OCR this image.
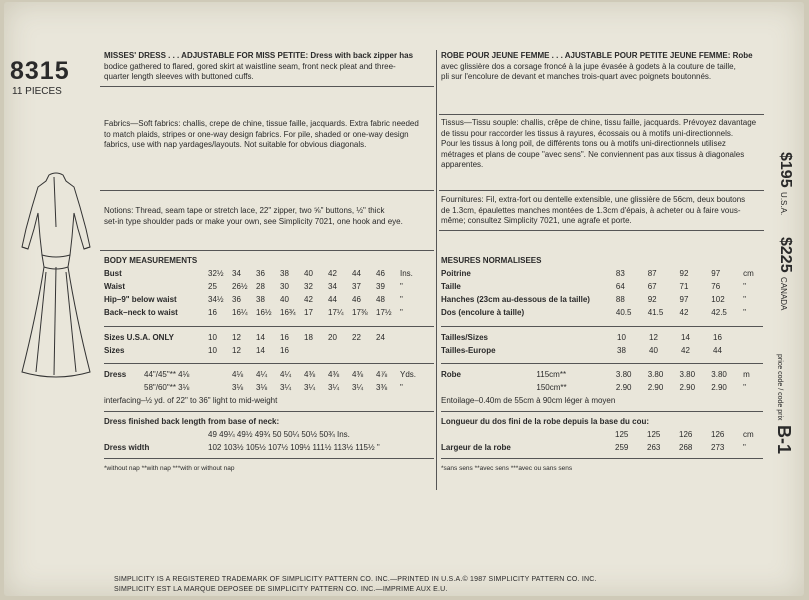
8315
11 PIECES
MISSES' DRESS . . . ADJUSTABLE FOR MISS PETITE: Dress with back zipper has
bodice gathered to flared, gored skirt at waistline seam, front neck pleat and three-
quarter length sleeves with buttoned cuffs.
Fabrics—Soft fabrics: challis, crepe de chine, tissue faille, jacquards. Extra fabric needed
to match plaids, stripes or one-way design fabrics. For pile, shaded or one-way design
fabrics, use with nap yardages/layouts. Not suitable for obvious diagonals.
Notions: Thread, seam tape or stretch lace, 22" zipper, two ⅝" buttons, ½" thick
set-in type shoulder pads or make your own, see Simplicity 7021, one hook and eye.
BODY MEASUREMENTS
Bust	32½	34	36	38	40	42	44	46	Ins.
Waist	25	26½	28	30	32	34	37	39	"
Hip–9" below waist	34½	36	38	40	42	44	46	48	"
Back–neck to waist	16	16¼	16½	16¾	17	17¼	17⅜	17½	"
Sizes U.S.A. ONLY	10 12 14 16 18 20 22 24
Sizes	10 12 14 16
Dress	44"/45"** 4⅛	4⅛	4¼	4¼	4⅜	4⅜	4⅜	4⅞	Yds.
58"/60"** 3⅛	3⅛	3⅛	3¼	3¼	3¼	3¼	3⅜	"
interfacing–½ yd. of 22" to 36" light to mid-weight
Dress finished back length from base of neck:
49 49¼ 49½ 49¾ 50 50¼ 50½ 50¾ Ins.
Dress width	102 103½ 105½ 107½ 109½ 111½ 113½ 115½ "
*without nap **with nap ***with or without nap
ROBE POUR JEUNE FEMME . . . AJUSTABLE POUR PETITE JEUNE FEMME: Robe
avec glissière dos a corsage froncé à la jupe évasée à godets à la couture de taille,
pli sur l'encolure de devant et manches trois-quart avec poignets boutonnés.
Tissus—Tissu souple: challis, crêpe de chine, tissu faille, jacquards. Prévoyez davantage
de tissu pour raccorder les tissus à rayures, écossais ou à motifs uni-directionnels.
Pour les tissus à long poil, de différents tons ou à motifs uni-directionnels utilisez
métrages et plans de coupe "avec sens". Ne conviennent pas aux tissus à diagonales
apparentes.
Fournitures: Fil, extra-fort ou dentelle extensible, une glissière de 56cm, deux boutons
de 1.3cm, épaulettes manches montées de 1.3cm d'épais, à acheter ou à faire vous-
même; consultez Simplicity 7021, une agrafe et porte.
MESURES NORMALISEES
Poitrine	83	87	92	97	cm
Taille	64	67	71	76	"
Hanches (23cm au-dessous de la taille)	88	92	97	102	"
Dos (encolure à taille)	40.5	41.5	42	42.5	"
Tailles/Sizes	10	12	14	16
Tailles-Europe	38	40	42	44
Robe	115cm**	3.80	3.80	3.80	3.80	m
150cm**	2.90	2.90	2.90	2.90	"
Entoilage–0.40m de 55cm à 90cm léger à moyen
Longueur du dos fini de la robe depuis la base du cou:
125 125 126 126 cm
Largeur de la robe	259 263 268 273 "
*sans sens **avec sens ***avec ou sans sens
$195 U.S.A.
$225 CANADA
price code / code prix B-1
SIMPLICITY IS A REGISTERED TRADEMARK OF SIMPLICITY PATTERN CO. INC.—PRINTED IN U.S.A.© 1987 SIMPLICITY PATTERN CO. INC.
SIMPLICITY EST LA MARQUE DEPOSEE DE SIMPLICITY PATTERN CO. INC.—IMPRIME AUX E.U.
